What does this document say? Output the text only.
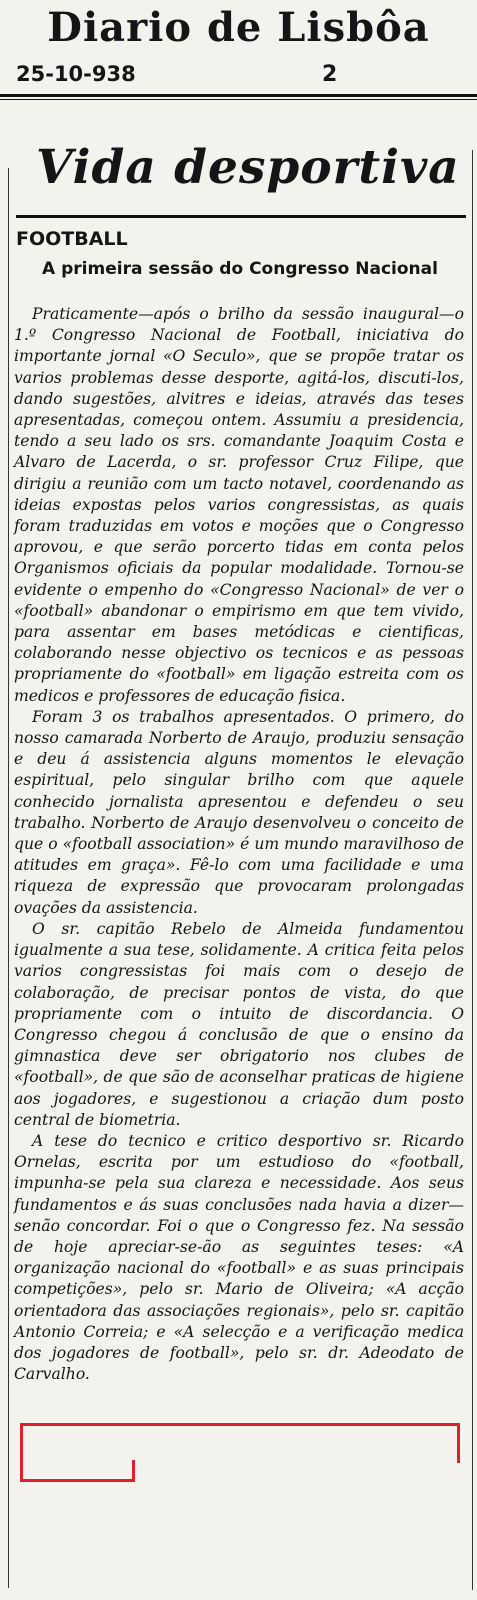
Diario de Lisbôa
25-10-938	2
Vida desportiva
FOOTBALL
A primeira sessão do Congresso Nacional

Praticamente—após o brilho da sessão inaugural—o 1.º Congresso Nacional de Football, iniciativa do importante jornal «O Seculo», que se propõe tratar os varios problemas desse desporte, agitá-los, discuti-los, dando sugestões, alvitres e ideias, através das teses apresentadas, começou ontem. Assumiu a presidencia, tendo a seu lado os srs. comandante Joaquim Costa e Alvaro de Lacerda, o sr. professor Cruz Filipe, que dirigiu a reunião com um tacto notavel, coordenando as ideias expostas pelos varios congressistas, as quais foram traduzidas em votos e moções que o Congresso aprovou, e que serão porcerto tidas em conta pelos Organismos oficiais da popular modalidade. Tornou-se evidente o empenho do «Congresso Nacional» de ver o «football» abandonar o empirismo em que tem vivido, para assentar em bases metódicas e cientificas, colaborando nesse objectivo os tecnicos e as pessoas propriamente do «football» em ligação estreita com os medicos e professores de educação fisica.

Foram 3 os trabalhos apresentados. O primero, do nosso camarada Norberto de Araujo, produziu sensação e deu á assistencia alguns momentos le elevação espiritual, pelo singular brilho com que aquele conhecido jornalista apresentou e defendeu o seu trabalho. Norberto de Araujo desenvolveu o conceito de que o «football association» é um mundo maravilhoso de atitudes em graça». Fê-lo com uma facilidade e uma riqueza de expressão que provocaram prolongadas ovações da assistencia.

O sr. capitão Rebelo de Almeida fundamentou igualmente a sua tese, solidamente. A critica feita pelos varios congressistas foi mais com o desejo de colaboração, de precisar pontos de vista, do que propriamente com o intuito de discordancia. O Congresso chegou á conclusão de que o ensino da gimnastica deve ser obrigatorio nos clubes de «football», de que são de aconselhar praticas de higiene aos jogadores, e sugestionou a criação dum posto central de biometria.

A tese do tecnico e critico desportivo sr. Ricardo Ornelas, escrita por um estudioso do «football, impunha-se pela sua clareza e necessidade. Aos seus fundamentos e ás suas conclusões nada havia a dizer—senão concordar. Foi o que o Congresso fez. Na sessão de hoje apreciar-se-ão as seguintes teses: «A organização nacional do «football» e as suas principais competições», pelo sr. Mario de Oliveira; «A acção orientadora das associações regionais», pelo sr. capitão Antonio Correia; e «A selecção e a verificação medica dos jogadores de football», pelo sr. dr. Adeodato de Carvalho.
